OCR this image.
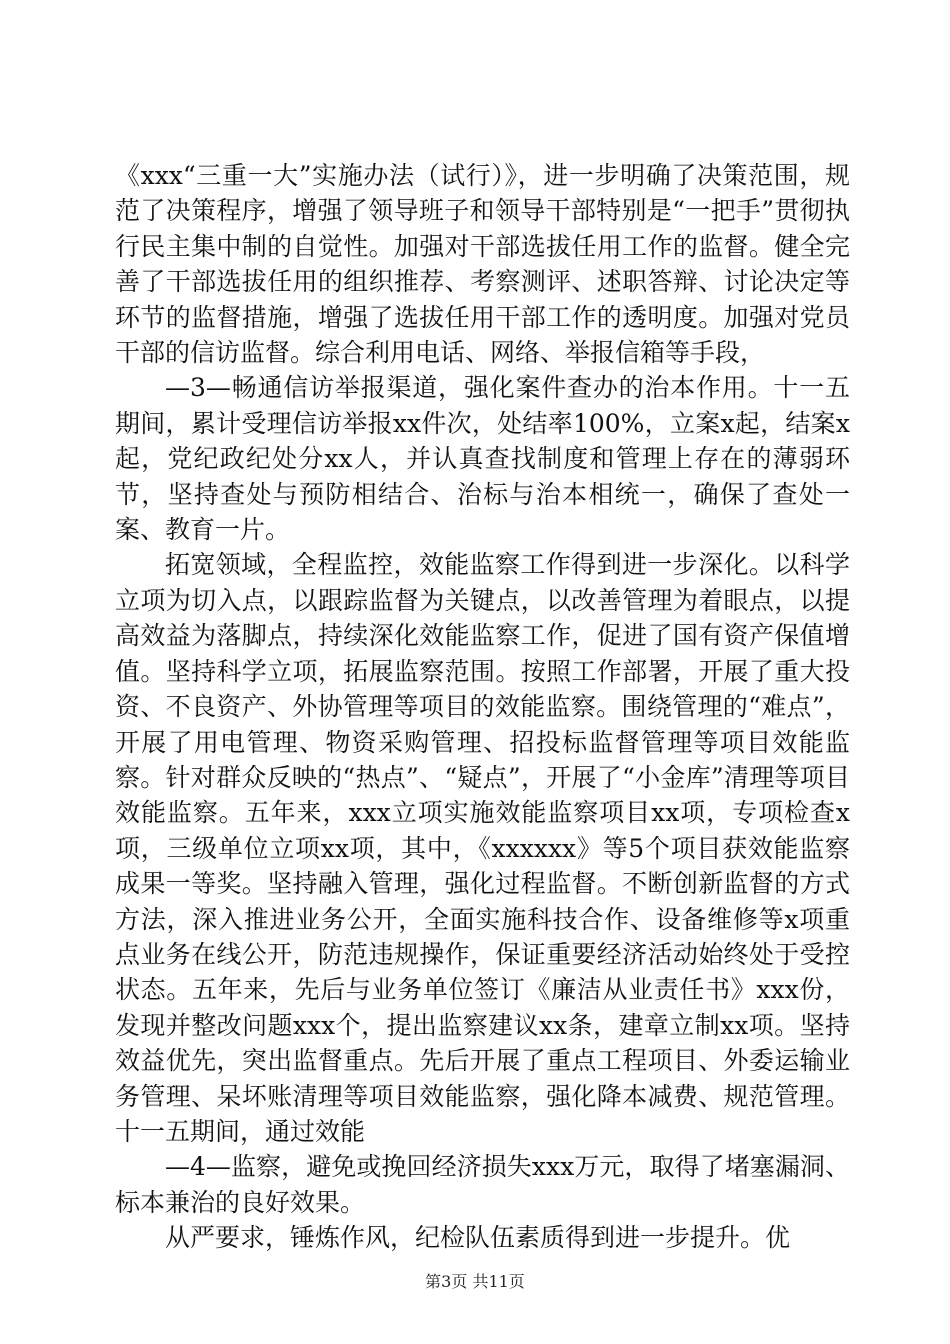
《xxx“三重一大”实施办法（试行）》，进一步明确了决策范围，规范了决策程序，增强了领导班子和领导干部特别是“一把手”贯彻执行民主集中制的自觉性。加强对干部选拔任用工作的监督。健全完善了干部选拔任用的组织推荐、考察测评、述职答辩、讨论决定等环节的监督措施，增强了选拔任用干部工作的透明度。加强对党员干部的信访监督。综合利用电话、网络、举报信箱等手段，

—3—畅通信访举报渠道，强化案件查办的治本作用。十一五期间，累计受理信访举报xx件次，处结率100%，立案x起，结案x起，党纪政纪处分xx人，并认真查找制度和管理上存在的薄弱环节，坚持查处与预防相结合、治标与治本相统一，确保了查处一案、教育一片。

拓宽领域，全程监控，效能监察工作得到进一步深化。以科学立项为切入点，以跟踪监督为关键点，以改善管理为着眼点，以提高效益为落脚点，持续深化效能监察工作，促进了国有资产保值增值。坚持科学立项，拓展监察范围。按照工作部署，开展了重大投资、不良资产、外协管理等项目的效能监察。围绕管理的“难点”，开展了用电管理、物资采购管理、招投标监督管理等项目效能监察。针对群众反映的“热点”、“疑点”，开展了“小金库”清理等项目效能监察。五年来，xxx立项实施效能监察项目xx项，专项检查x项，三级单位立项xx项，其中，《xxxxxx》等5个项目获效能监察成果一等奖。坚持融入管理，强化过程监督。不断创新监督的方式方法，深入推进业务公开，全面实施科技合作、设备维修等x项重点业务在线公开，防范违规操作，保证重要经济活动始终处于受控状态。五年来，先后与业务单位签订《廉洁从业责任书》xxx份，发现并整改问题xxx个，提出监察建议xx条，建章立制xx项。坚持效益优先，突出监督重点。先后开展了重点工程项目、外委运输业务管理、呆坏账清理等项目效能监察，强化降本减费、规范管理。十一五期间，通过效能

—4—监察，避免或挽回经济损失xxx万元，取得了堵塞漏洞、标本兼治的良好效果。

从严要求，锤炼作风，纪检队伍素质得到进一步提升。优

第3页 共11页
